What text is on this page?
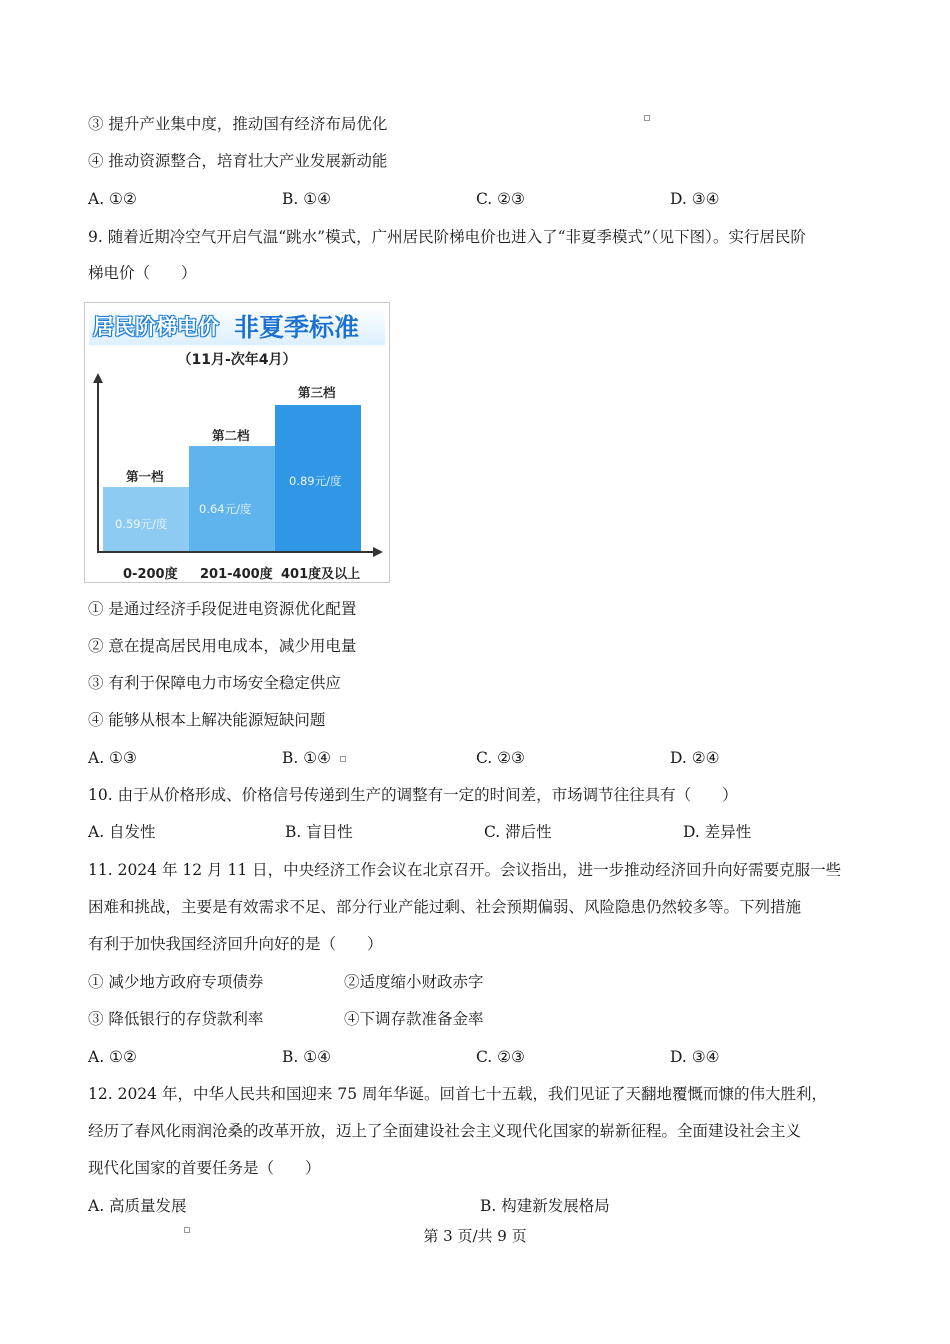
③ 提升产业集中度，推动国有经济布局优化
④ 推动资源整合，培育壮大产业发展新动能
A. ①②	B. ①④	C. ②③	D. ③④
9. 随着近期冷空气开启气温“跳水”模式，广州居民阶梯电价也进入了“非夏季模式”（见下图）。实行居民阶
梯电价（　　）
居民阶梯电价 非夏季标准
（11月-次年4月）
第一档
第二档
第三档
0.59元/度
0.64元/度
0.89元/度
0-200度 201-400度 401度及以上
① 是通过经济手段促进电资源优化配置
② 意在提高居民用电成本，减少用电量
③ 有利于保障电力市场安全稳定供应
④ 能够从根本上解决能源短缺问题
A. ①③	B. ①④	C. ②③	D. ②④
10. 由于从价格形成、价格信号传递到生产的调整有一定的时间差，市场调节往往具有（　　）
A. 自发性	B. 盲目性	C. 滞后性	D. 差异性
11. 2024 年 12 月 11 日，中央经济工作会议在北京召开。会议指出，进一步推动经济回升向好需要克服一些
困难和挑战，主要是有效需求不足、部分行业产能过剩、社会预期偏弱、风险隐患仍然较多等。下列措施
有利于加快我国经济回升向好的是（　　）
① 减少地方政府专项债券	②适度缩小财政赤字
③ 降低银行的存贷款利率	④下调存款准备金率
A. ①②	B. ①④	C. ②③	D. ③④
12. 2024 年，中华人民共和国迎来 75 周年华诞。回首七十五载，我们见证了天翻地覆慨而慷的伟大胜利，
经历了春风化雨润沧桑的改革开放，迈上了全面建设社会主义现代化国家的崭新征程。全面建设社会主义
现代化国家的首要任务是（　　）
A. 高质量发展	B. 构建新发展格局
第 3 页/共 9 页
